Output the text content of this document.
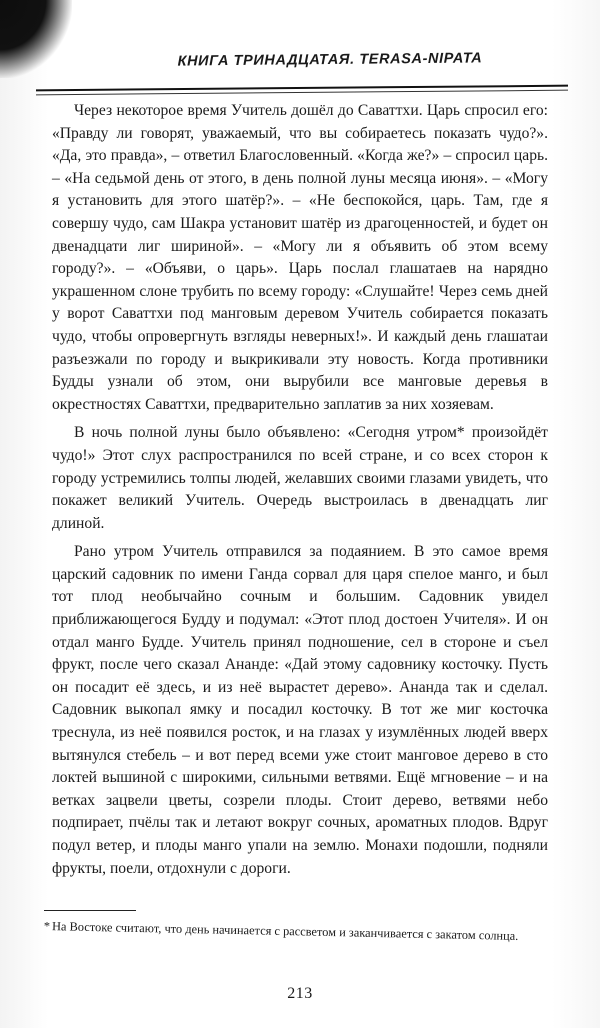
КНИГА ТРИНАДЦАТАЯ. TERASA-NIPATA

Через некоторое время Учитель дошёл до Саваттхи. Царь спросил его: «Правду ли говорят, уважаемый, что вы собираетесь показать чудо?». «Да, это правда», – ответил Благословенный. «Когда же?» – спросил царь. – «На седьмой день от этого, в день полной луны месяца июня». – «Могу я установить для этого шатёр?». – «Не беспокойся, царь. Там, где я совершу чудо, сам Шакра установит шатёр из драгоценностей, и будет он двенадцати лиг шириной». – «Могу ли я объявить об этом всему городу?». – «Объяви, о царь». Царь послал глашатаев на нарядно украшенном слоне трубить по всему городу: «Слушайте! Через семь дней у ворот Саваттхи под манговым деревом Учитель собирается показать чудо, чтобы опровергнуть взгляды неверных!». И каждый день глашатаи разъезжали по городу и выкрикивали эту новость. Когда противники Будды узнали об этом, они вырубили все манговые деревья в окрестностях Саваттхи, предварительно заплатив за них хозяевам.

В ночь полной луны было объявлено: «Сегодня утром* произойдёт чудо!» Этот слух распространился по всей стране, и со всех сторон к городу устремились толпы людей, желавших своими глазами увидеть, что покажет великий Учитель. Очередь выстроилась в двенадцать лиг длиной.

Рано утром Учитель отправился за подаянием. В это самое время царский садовник по имени Ганда сорвал для царя спелое манго, и был тот плод необычайно сочным и большим. Садовник увидел приближающегося Будду и подумал: «Этот плод достоен Учителя». И он отдал манго Будде. Учитель принял подношение, сел в стороне и съел фрукт, после чего сказал Ананде: «Дай этому садовнику косточку. Пусть он посадит её здесь, и из неё вырастет дерево». Ананда так и сделал. Садовник выкопал ямку и посадил косточку. В тот же миг косточка треснула, из неё появился росток, и на глазах у изумлённых людей вверх вытянулся стебель – и вот перед всеми уже стоит манговое дерево в сто локтей вышиной с широкими, сильными ветвями. Ещё мгновение – и на ветках зацвели цветы, созрели плоды. Стоит дерево, ветвями небо подпирает, пчёлы так и летают вокруг сочных, ароматных плодов. Вдруг подул ветер, и плоды манго упали на землю. Монахи подошли, подняли фрукты, поели, отдохнули с дороги.

* На Востоке считают, что день начинается с рассветом и заканчивается с закатом солнца.
213
